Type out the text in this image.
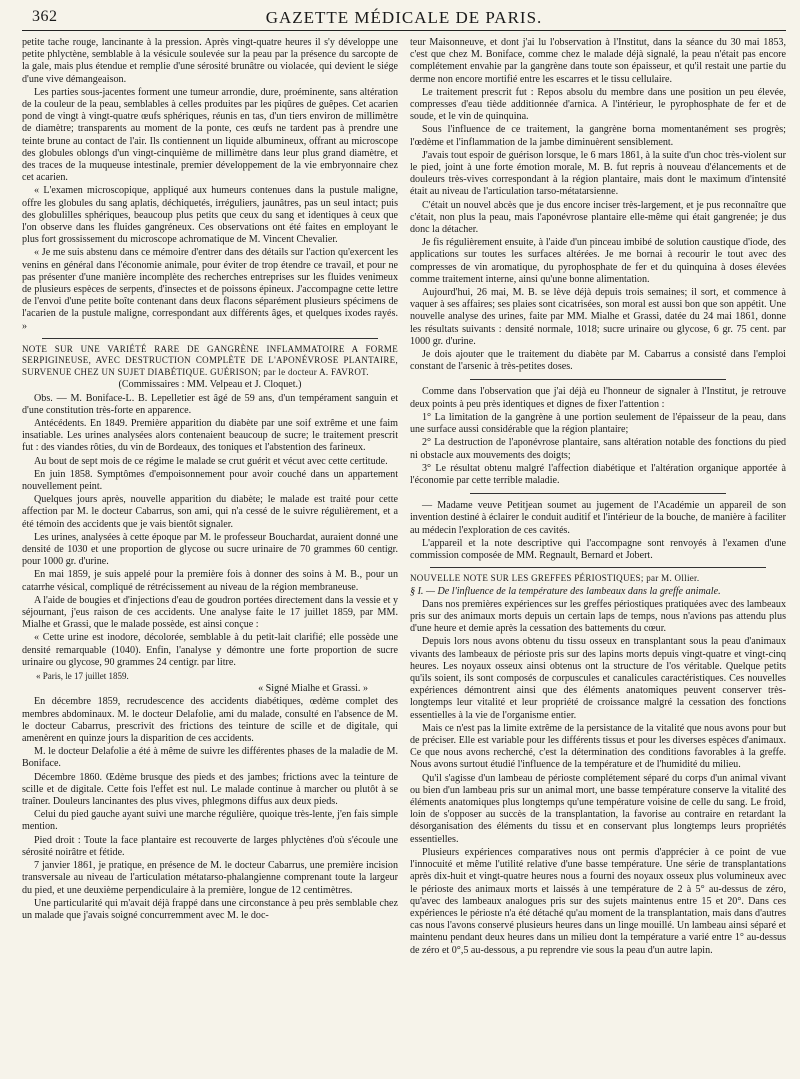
362	GAZETTE MÉDICALE DE PARIS.

petite tache rouge, lancinante à la pression. Après vingt-quatre heures il s'y développe une petite phlyctène, semblable à la vésicule soulevée sur la peau par la présence du sarcopte de la gale, mais plus étendue et remplie d'une sérosité brunâtre ou violacée, qui devient le siége d'une vive démangeaison.

Les parties sous-jacentes forment une tumeur arrondie, dure, proéminente, sans altération de la couleur de la peau, semblables à celles produites par les piqûres de guêpes. Cet acarien pond de vingt à vingt-quatre œufs sphériques, réunis en tas, d'un tiers environ de millimètre de diamètre; transparents au moment de la ponte, ces œufs ne tardent pas à prendre une teinte brune au contact de l'air. Ils contiennent un liquide albumineux, offrant au microscope des globules oblongs d'un vingt-cinquième de millimètre dans leur plus grand diamètre, et des traces de la muqueuse intestinale, premier développement de la vie embryonnaire chez cet acarien.

« L'examen microscopique, appliqué aux humeurs contenues dans la pustule maligne, offre les globules du sang aplatis, déchiquetés, irréguliers, jaunâtres, pas un seul intact; puis des globulilles sphériques, beaucoup plus petits que ceux du sang et identiques à ceux que l'on observe dans les fluides gangréneux. Ces observations ont été faites en employant le plus fort grossissement du microscope achromatique de M. Vincent Chevalier.

« Je me suis abstenu dans ce mémoire d'entrer dans des détails sur l'action qu'exercent les venins en général dans l'économie animale, pour éviter de trop étendre ce travail, et pour ne pas présenter d'une manière incomplète des recherches entreprises sur les fluides venimeux de plusieurs espèces de serpents, d'insectes et de poissons épineux. J'accompagne cette lettre de l'envoi d'une petite boîte contenant dans deux flacons séparément plusieurs spécimens de l'acarien de la pustule maligne, correspondant aux différents âges, et quelques ixodes rayés. »

NOTE SUR UNE VARIÉTÉ RARE DE GANGRÈNE INFLAMMATOIRE A FORME SERPIGINEUSE, AVEC DESTRUCTION COMPLÈTE DE L'APONÉVROSE PLANTAIRE, SURVENUE CHEZ UN SUJET DIABÉTIQUE. GUÉRISON; par le docteur A. FAVROT.

(Commissaires : MM. Velpeau et J. Cloquet.)

Obs. — M. Boniface-L. B. Lepelletier est âgé de 59 ans, d'un tempérament sanguin et d'une constitution très-forte en apparence.

Antécédents. En 1849. Première apparition du diabète par une soif extrême et une faim insatiable. Les urines analysées alors contenaient beaucoup de sucre; le traitement prescrit fut : des viandes rôties, du vin de Bordeaux, des toniques et l'abstention des farineux.

Au bout de sept mois de ce régime le malade se crut guérit et vécut avec cette certitude.

En juin 1858. Symptômes d'empoisonnement pour avoir couché dans un appartement nouvellement peint.

Quelques jours après, nouvelle apparition du diabète; le malade est traité pour cette affection par M. le docteur Cabarrus, son ami, qui n'a cessé de le suivre régulièrement, et a été témoin des accidents que je vais bientôt signaler.

Les urines, analysées à cette époque par M. le professeur Bouchardat, auraient donné une densité de 1030 et une proportion de glycose ou sucre urinaire de 70 grammes 60 centigr. pour 1000 gr. d'urine.

En mai 1859, je suis appelé pour la première fois à donner des soins à M. B., pour un catarrhe vésical, compliqué de rétrécissement au niveau de la région membraneuse.

A l'aide de bougies et d'injections d'eau de goudron portées directement dans la vessie et y séjournant, j'eus raison de ces accidents. Une analyse faite le 17 juillet 1859, par MM. Mialhe et Grassi, que le malade possède, est ainsi conçue :

« Cette urine est inodore, décolorée, semblable à du petit-lait clarifié; elle possède une densité remarquable (1040). Enfin, l'analyse y démontre une forte proportion de sucre urinaire ou glycose, 90 grammes 24 centigr. par litre.

« Paris, le 17 juillet 1859.

« Signé Mialhe et Grassi. »

En décembre 1859, recrudescence des accidents diabétiques, œdème complet des membres abdominaux. M. le docteur Delafolie, ami du malade, consulté en l'absence de M. le docteur Cabarrus, prescrivit des frictions des teinture de scille et de digitale, qui amenèrent en quinze jours la disparition de ces accidents.

M. le docteur Delafolie a été à même de suivre les différentes phases de la maladie de M. Boniface.

Décembre 1860. Œdème brusque des pieds et des jambes; frictions avec la teinture de scille et de digitale. Cette fois l'effet est nul. Le malade continue à marcher ou plutôt à se traîner. Douleurs lancinantes des plus vives, phlegmons diffus aux deux pieds.

Celui du pied gauche ayant suivi une marche régulière, quoique très-lente, j'en fais simple mention.

Pied droit : Toute la face plantaire est recouverte de larges phlyctènes d'où s'écoule une sérosité noirâtre et fétide.

7 janvier 1861, je pratique, en présence de M. le docteur Cabarrus, une première incision transversale au niveau de l'articulation métatarso-phalangienne comprenant toute la largeur du pied, et une deuxième perpendiculaire à la première, longue de 12 centimètres.

Une particularité qui m'avait déjà frappé dans une circonstance à peu près semblable chez un malade que j'avais soigné concurremment avec M. le doc-

teur Maisonneuve, et dont j'ai lu l'observation à l'Institut, dans la séance du 30 mai 1853, c'est que chez M. Boniface, comme chez le malade déjà signalé, la peau n'était pas encore complétement envahie par la gangrène dans toute son épaisseur, et qu'il restait une partie du derme non encore mortifié entre les escarres et le tissu cellulaire.

Le traitement prescrit fut : Repos absolu du membre dans une position un peu élevée, compresses d'eau tiède additionnée d'arnica. A l'intérieur, le pyrophosphate de fer et de soude, et le vin de quinquina.

Sous l'influence de ce traitement, la gangrène borna momentanément ses progrès; l'œdème et l'inflammation de la jambe diminuèrent sensiblement.

J'avais tout espoir de guérison lorsque, le 6 mars 1861, à la suite d'un choc très-violent sur le pied, joint à une forte émotion morale, M. B. fut repris à nouveau d'élancements et de douleurs très-vives correspondant à la région plantaire, mais dont le maximum d'intensité était au niveau de l'articulation tarso-métatarsienne.

C'était un nouvel abcès que je dus encore inciser très-largement, et je pus reconnaître que c'était, non plus la peau, mais l'aponévrose plantaire elle-même qui était gangrenée; je dus donc la détacher.

Je fis régulièrement ensuite, à l'aide d'un pinceau imbibé de solution caustique d'iode, des applications sur toutes les surfaces altérées. Je me bornai à recourir le tout avec des compresses de vin aromatique, du pyrophosphate de fer et du quinquina à doses élevées comme traitement interne, ainsi qu'une bonne alimentation.

Aujourd'hui, 26 mai, M. B. se lève déjà depuis trois semaines; il sort, et commence à vaquer à ses affaires; ses plaies sont cicatrisées, son moral est aussi bon que son appétit. Une nouvelle analyse des urines, faite par MM. Mialhe et Grassi, datée du 24 mai 1861, donne les résultats suivants : densité normale, 1018; sucre urinaire ou glycose, 6 gr. 75 cent. par 1000 gr. d'urine.

Je dois ajouter que le traitement du diabète par M. Cabarrus a consisté dans l'emploi constant de l'arsenic à très-petites doses.

Comme dans l'observation que j'ai déjà eu l'honneur de signaler à l'Institut, je retrouve deux points à peu près identiques et dignes de fixer l'attention :

1° La limitation de la gangrène à une portion seulement de l'épaisseur de la peau, dans une surface aussi considérable que la région plantaire;

2° La destruction de l'aponévrose plantaire, sans altération notable des fonctions du pied ni obstacle aux mouvements des doigts;

3° Le résultat obtenu malgré l'affection diabétique et l'altération organique apportée à l'économie par cette terrible maladie.

— Madame veuve Petitjean soumet au jugement de l'Académie un appareil de son invention destiné à éclairer le conduit auditif et l'intérieur de la bouche, de manière à faciliter au médecin l'exploration de ces cavités.

L'appareil et la note descriptive qui l'accompagne sont renvoyés à l'examen d'une commission composée de MM. Regnault, Bernard et Jobert.

NOUVELLE NOTE SUR LES GREFFES PÉRIOSTIQUES; par M. Ollier.

§ I. — De l'influence de la température des lambeaux dans la greffe animale.

Dans nos premières expériences sur les greffes périostiques pratiquées avec des lambeaux pris sur des animaux morts depuis un certain laps de temps, nous n'avions pas attendu plus d'une heure et demie après la cessation des battements du cœur.

Depuis lors nous avons obtenu du tissu osseux en transplantant sous la peau d'animaux vivants des lambeaux de périoste pris sur des lapins morts depuis vingt-quatre et vingt-cinq heures. Les noyaux osseux ainsi obtenus ont la structure de l'os véritable. Quelque petits qu'ils soient, ils sont composés de corpuscules et canalicules caractéristiques. Ces nouvelles expériences démontrent ainsi que des éléments anatomiques peuvent conserver très-longtemps leur vitalité et leur propriété de croissance malgré la cessation des fonctions essentielles à la vie de l'organisme entier.

Mais ce n'est pas la limite extrême de la persistance de la vitalité que nous avons pour but de préciser. Elle est variable pour les différents tissus et pour les diverses espèces d'animaux. Ce que nous avons recherché, c'est la détermination des conditions favorables à la greffe. Nous avons surtout étudié l'influence de la température et de l'humidité du milieu.

Qu'il s'agisse d'un lambeau de périoste complétement séparé du corps d'un animal vivant ou bien d'un lambeau pris sur un animal mort, une basse température conserve la vitalité des éléments anatomiques plus longtemps qu'une température voisine de celle du sang. Le froid, loin de s'opposer au succès de la transplantation, la favorise au contraire en retardant la désorganisation des éléments du tissu et en conservant plus longtemps leurs propriétés essentielles.

Plusieurs expériences comparatives nous ont permis d'apprécier à ce point de vue l'innocuité et même l'utilité relative d'une basse température. Une série de transplantations après dix-huit et vingt-quatre heures nous a fourni des noyaux osseux plus volumineux avec le périoste des animaux morts et laissés à une température de 2 à 5° au-dessus de zéro, qu'avec des lambeaux analogues pris sur des sujets maintenus entre 15 et 20°. Dans ces expériences le périoste n'a été détaché qu'au moment de la transplantation, mais dans d'autres cas nous l'avons conservé plusieurs heures dans un linge mouillé. Un lambeau ainsi séparé et maintenu pendant deux heures dans un milieu dont la température a varié entre 1° au-dessus de zéro et 0°,5 au-dessous, a pu reprendre vie sous la peau d'un autre lapin.
